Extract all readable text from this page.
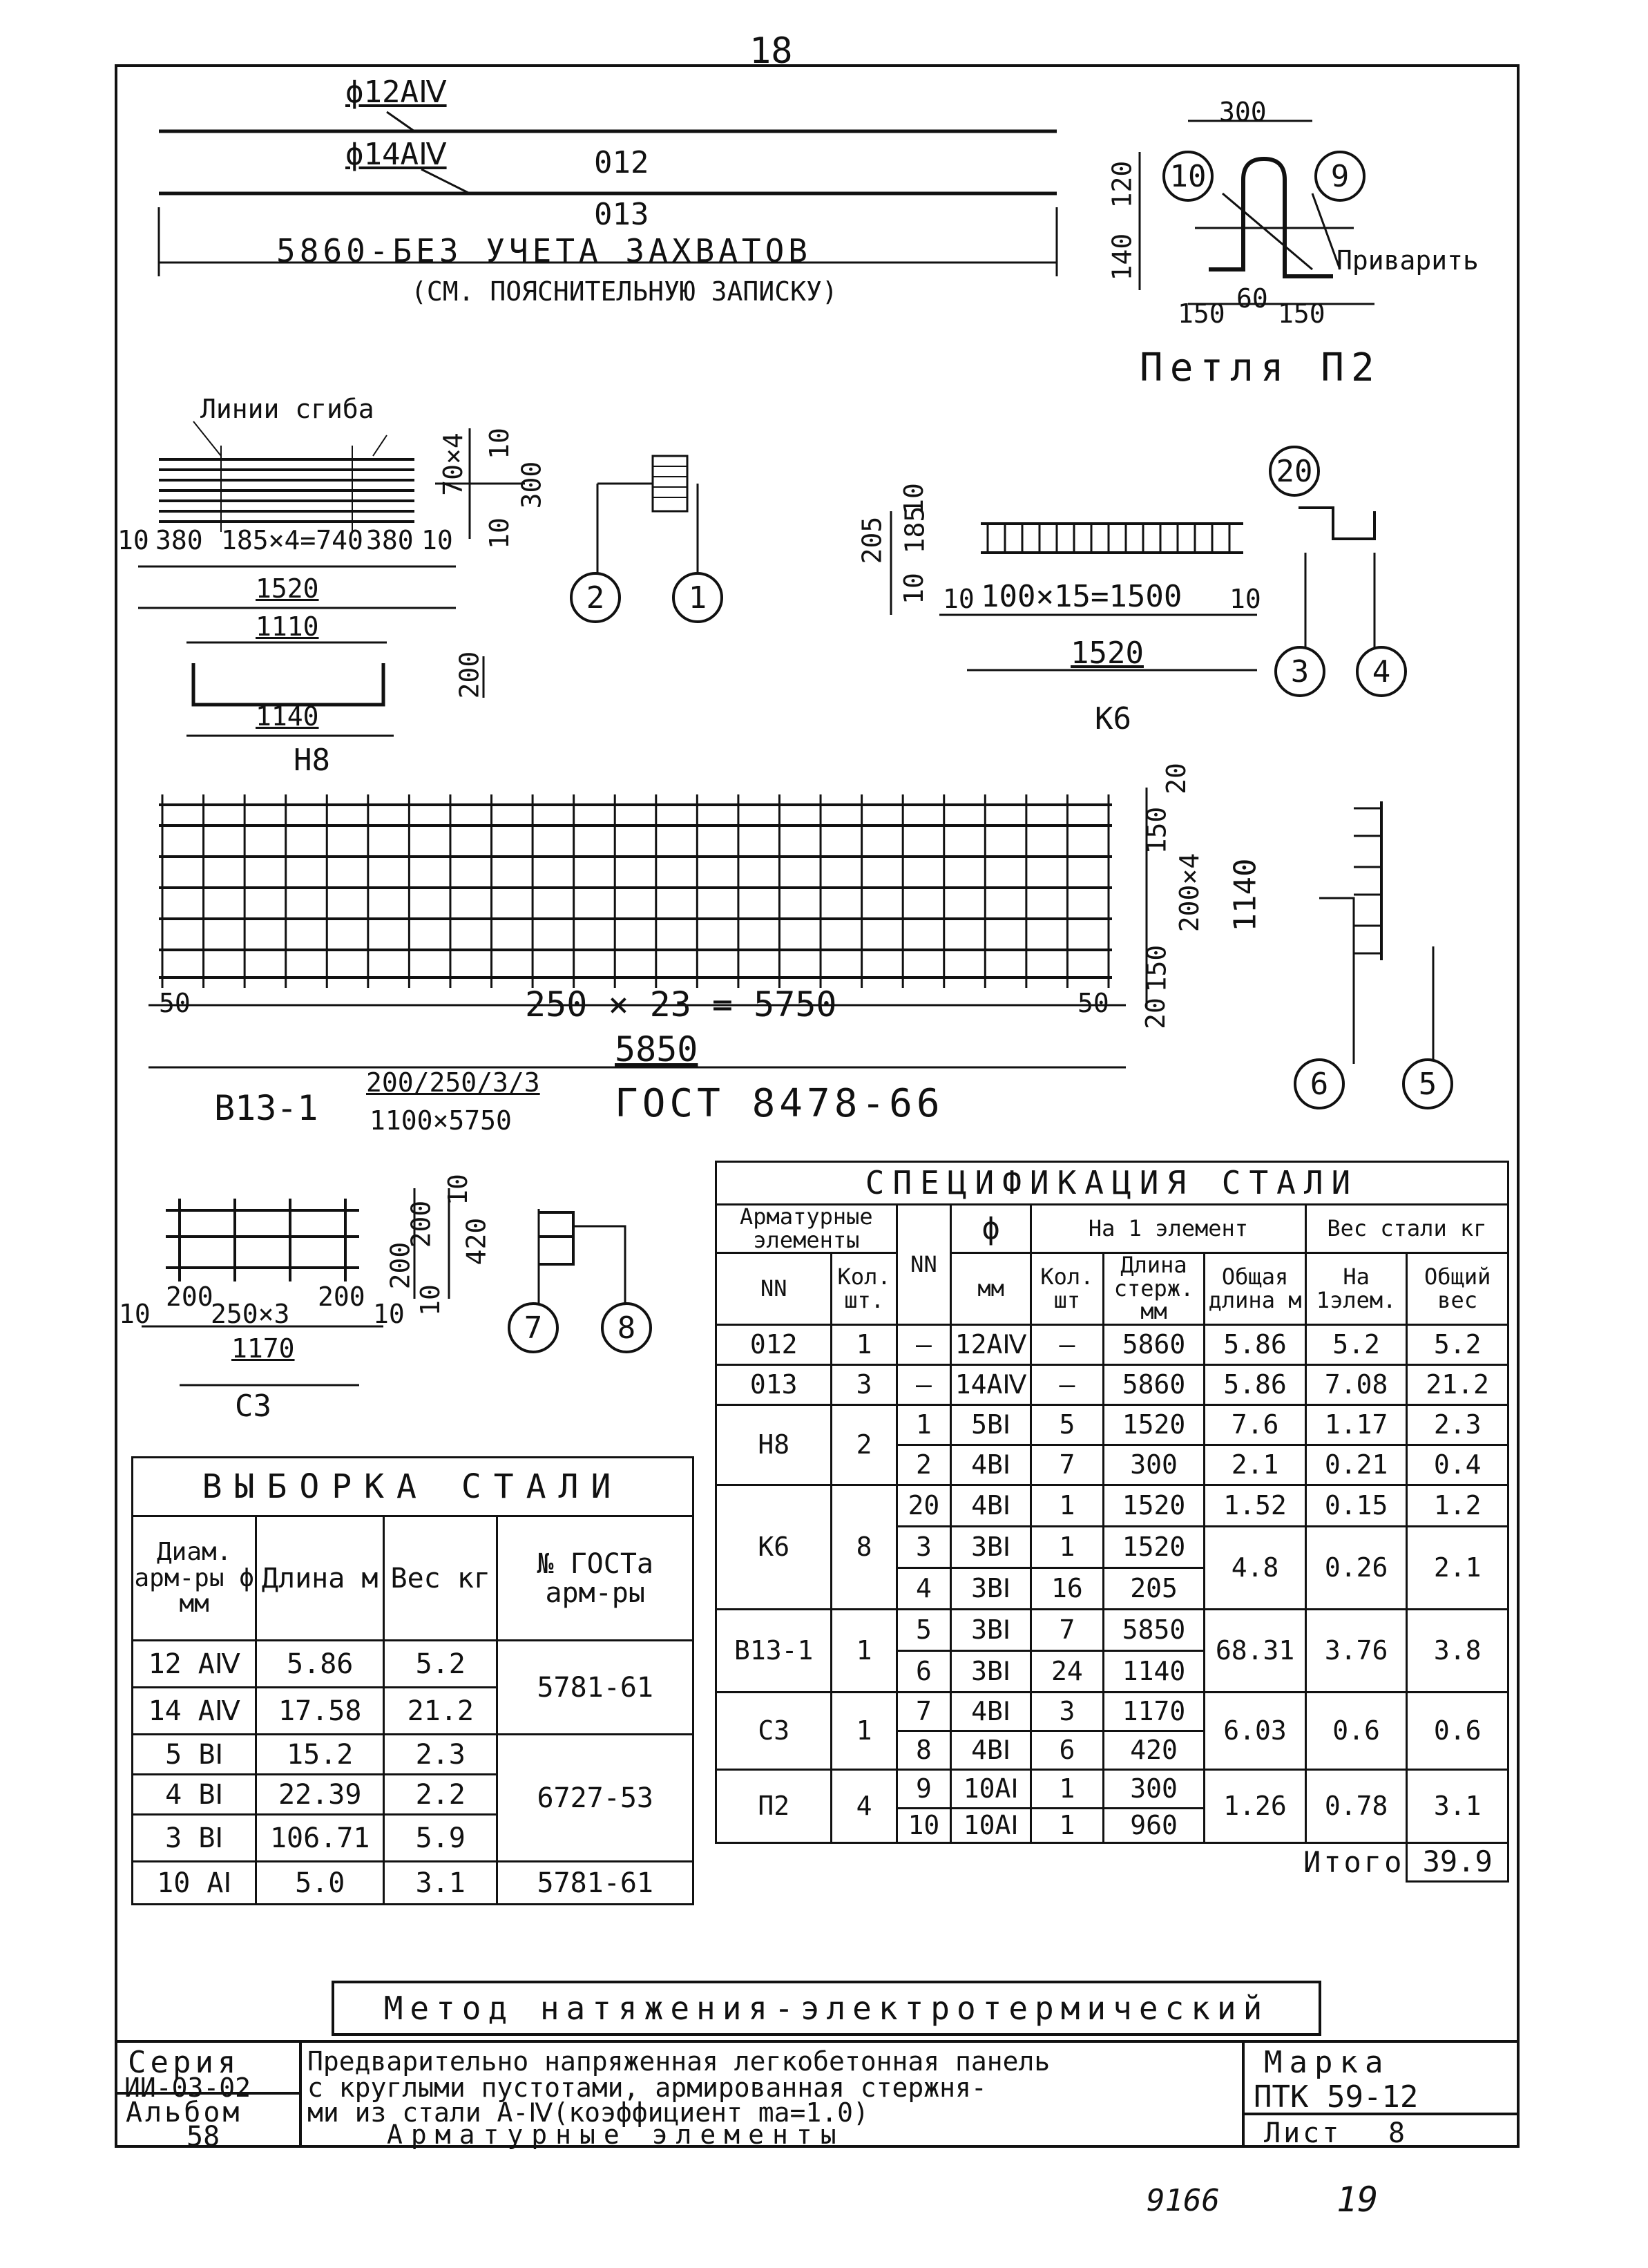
18
ϕ12AⅣ
ϕ14AⅣ	012
013
5860-БЕЗ УЧЕТА ЗАХВАТОВ
(СМ. ПОЯСНИТЕЛЬНУЮ ЗАПИСКУ)
300
120
140
150 60 150
10	9
Приварить
Петля П2
Линии сгиба
10 380 185×4=740 380 10
70×4 300
10
10
1520
1110
200
1140
Н8
2	1
205 185
10
10 10 100×15=1500 10
1520
К6
20
3	4
50	250 × 23 = 5750	50
5850
20
150
200×4 1140
150
20
В13-1
200/250/3/3
1100×5750	ГОСТ 8478-66	6	5
10
200
250×3
200
10
10
200 420
200
10
1170
С3
7	8
СПЕЦИФИКАЦИЯ СТАЛИ								
Арматурные элементы		NN	ϕ	На 1 элемент			Вес стали кг	
NN	Кол. шт.		мм	Кол. шт	Длина стерж. мм	Общая длина м	На 1элем.	Общий вес
012	1	—	12AⅣ	—	5860	5.86	5.2	5.2
013	3	—	14AⅣ	—	5860	5.86	7.08	21.2
Н8	2	1	5BⅠ	5	1520	7.6	1.17	2.3
		2	4BⅠ	7	300	2.1	0.21	0.4
К6	8	20	4BⅠ	1	1520	1.52	0.15	1.2
		3	3BⅠ	1	1520	4.8	0.26	2.1
		4	3BⅠ	16	205			
В13-1	1	5	3BⅠ	7	5850	68.31	3.76	3.8
		6	3BⅠ	24	1140			
С3	1	7	4BⅠ	3	1170	6.03	0.6	0.6
		8	4BⅠ	6	420			
П2	4	9	10AⅠ	1	300	1.26	0.78	3.1
		10	10AⅠ	1	960			
Итого								39.9
ВЫБОРКА СТАЛИ			
Диам. арм-ры ϕ мм	Длина м	Вес кг	№ ГОСТа арм-ры
12 AⅣ	5.86	5.2	5781-61
14 AⅣ	17.58	21.2	
5 BⅠ	15.2	2.3	6727-53
4 BⅠ	22.39	2.2	
3 BⅠ	106.71	5.9	
10 AⅠ	5.0	3.1	5781-61
Метод натяжения-электротермический
Серия
ИИ-03-02
Альбом
58
Предварительно напряженная легкобетонная панель
с круглыми пустотами, армированная стержня-
ми из стали А-Ⅳ(коэффициент ma=1.0)
Арматурные элементы
Марка
ПТК 59-12
Лист 8
9166	19
